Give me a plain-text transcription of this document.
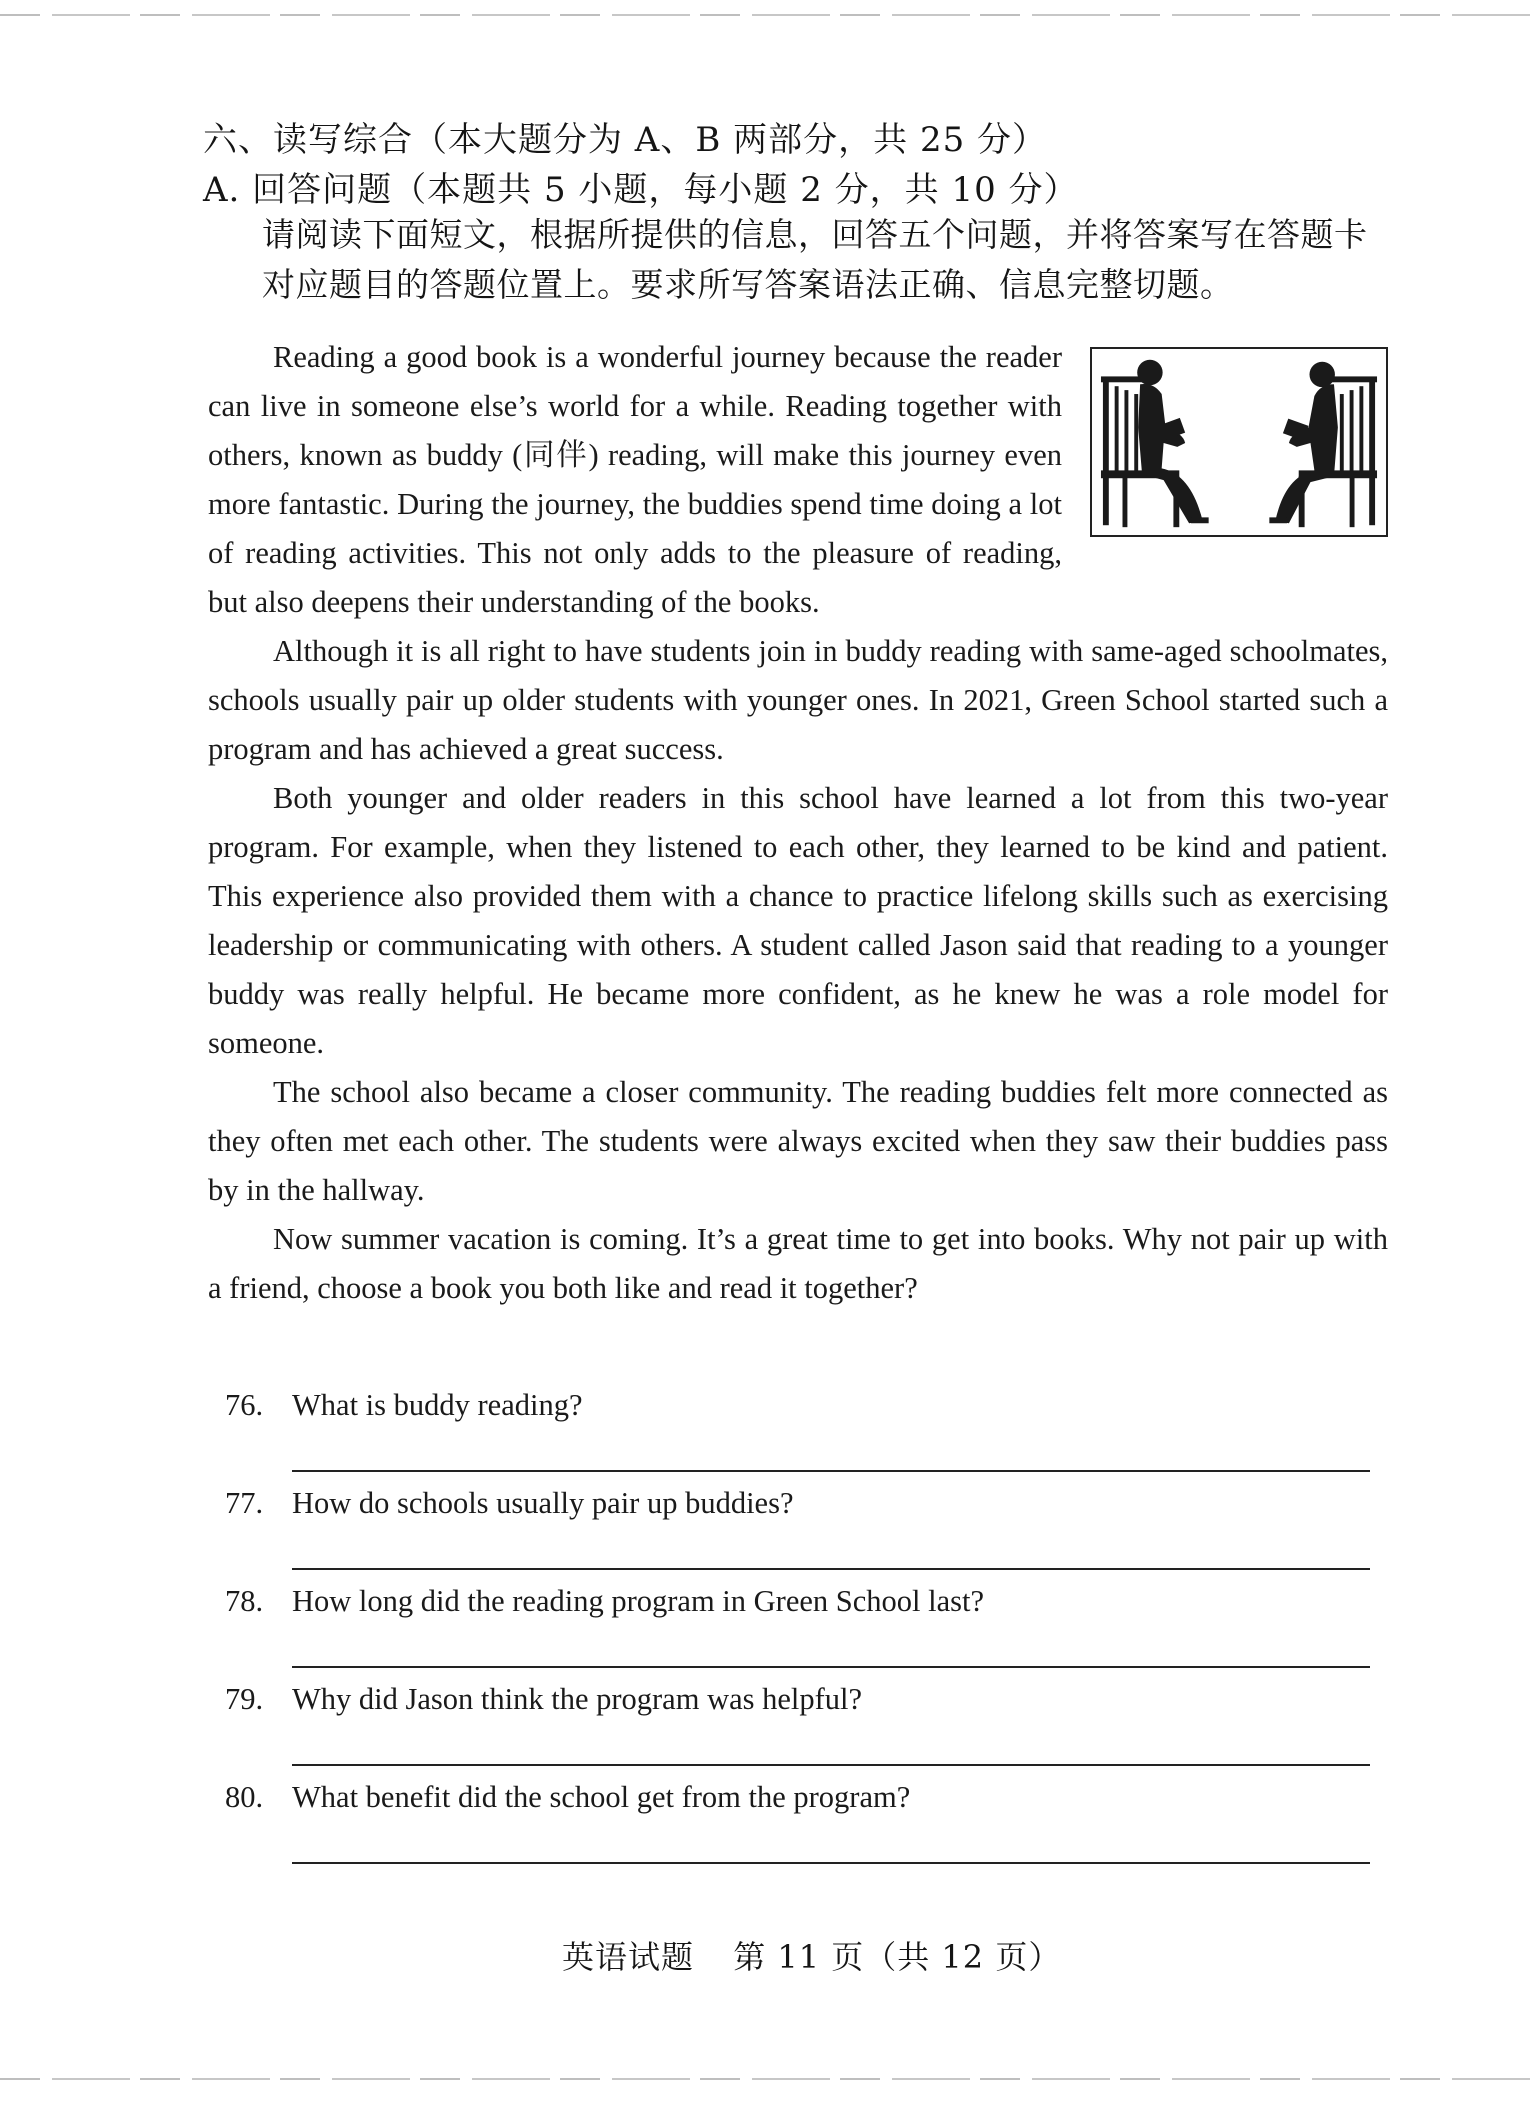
六、读写综合（本大题分为 A、B 两部分，共 25 分）
A. 回答问题（本题共 5 小题，每小题 2 分，共 10 分）
请阅读下面短文，根据所提供的信息，回答五个问题，并将答案写在答题卡对应题目的答题位置上。要求所写答案语法正确、信息完整切题。

Reading a good book is a wonderful journey because the reader can live in someone else’s world for a while. Reading together with others, known as buddy (同伴) reading, will make this journey even more fantastic. During the journey, the buddies spend time doing a lot of reading activities. This not only adds to the pleasure of reading, but also deepens their understanding of the books.

Although it is all right to have students join in buddy reading with same-aged schoolmates, schools usually pair up older students with younger ones. In 2021, Green School started such a program and has achieved a great success.

Both younger and older readers in this school have learned a lot from this two-year program. For example, when they listened to each other, they learned to be kind and patient. This experience also provided them with a chance to practice lifelong skills such as exercising leadership or communicating with others. A student called Jason said that reading to a younger buddy was really helpful. He became more confident, as he knew he was a role model for someone.

The school also became a closer community. The reading buddies felt more connected as they often met each other. The students were always excited when they saw their buddies pass by in the hallway.

Now summer vacation is coming. It’s a great time to get into books. Why not pair up with a friend, choose a book you both like and read it together?

76. What is buddy reading?
77. How do schools usually pair up buddies?
78. How long did the reading program in Green School last?
79. Why did Jason think the program was helpful?
80. What benefit did the school get from the program?
英语试题 第 11 页（共 12 页）
